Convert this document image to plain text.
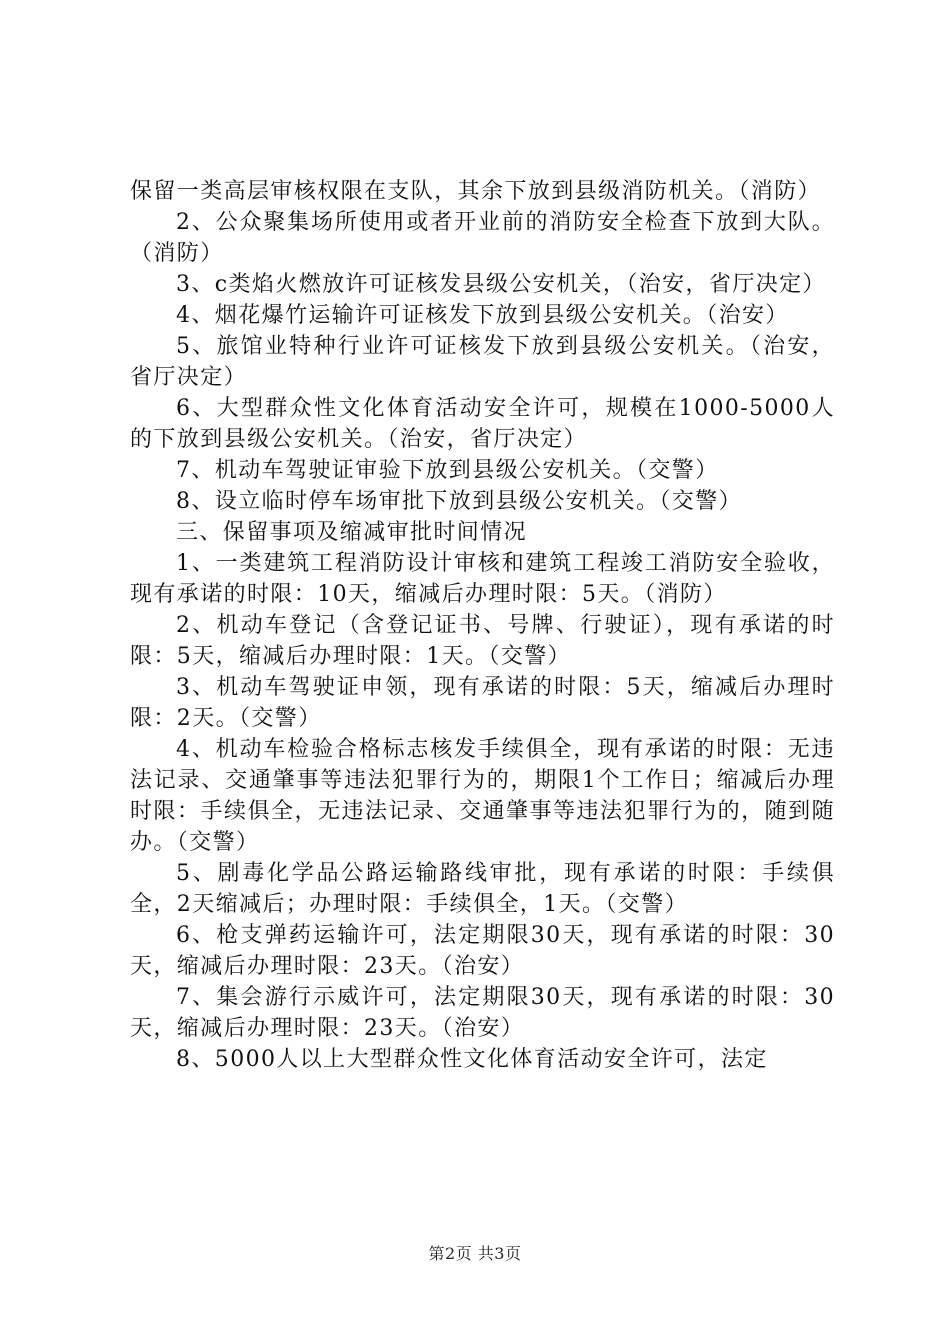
保留一类高层审核权限在支队，其余下放到县级消防机关。（消防）

2、公众聚集场所使用或者开业前的消防安全检查下放到大队。（消防）

3、c类焰火燃放许可证核发县级公安机关，（治安，省厅决定）

4、烟花爆竹运输许可证核发下放到县级公安机关。（治安）

5、旅馆业特种行业许可证核发下放到县级公安机关。（治安，省厅决定）

6、大型群众性文化体育活动安全许可，规模在1000-5000人的下放到县级公安机关。（治安，省厅决定）

7、机动车驾驶证审验下放到县级公安机关。（交警）

8、设立临时停车场审批下放到县级公安机关。（交警）

三、保留事项及缩减审批时间情况

1、一类建筑工程消防设计审核和建筑工程竣工消防安全验收，现有承诺的时限：10天，缩减后办理时限：5天。（消防）

2、机动车登记（含登记证书、号牌、行驶证），现有承诺的时限：5天，缩减后办理时限：1天。（交警）

3、机动车驾驶证申领，现有承诺的时限：5天，缩减后办理时限：2天。（交警）

4、机动车检验合格标志核发手续俱全，现有承诺的时限：无违法记录、交通肇事等违法犯罪行为的，期限1个工作日；缩减后办理时限：手续俱全，无违法记录、交通肇事等违法犯罪行为的，随到随办。（交警）

5、剧毒化学品公路运输路线审批，现有承诺的时限：手续俱全，2天缩减后；办理时限：手续俱全，1天。（交警）

6、枪支弹药运输许可，法定期限30天，现有承诺的时限：30天，缩减后办理时限：23天。（治安）

7、集会游行示威许可，法定期限30天，现有承诺的时限：30天，缩减后办理时限：23天。（治安）

8、5000人以上大型群众性文化体育活动安全许可，法定

第2页 共3页
